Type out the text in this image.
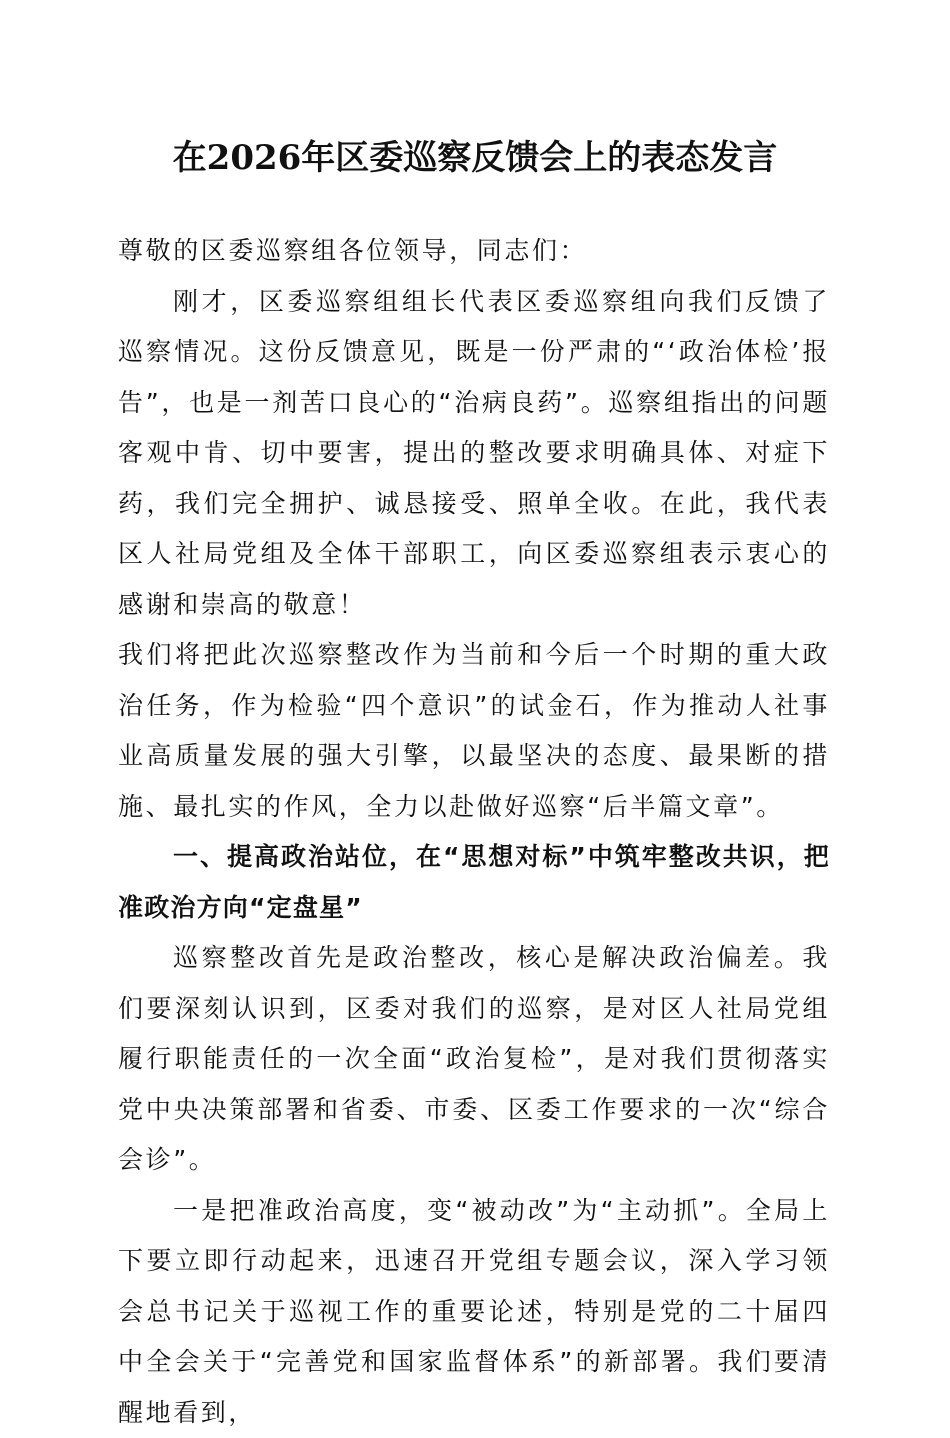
在2026年区委巡察反馈会上的表态发言

尊敬的区委巡察组各位领导，同志们：

刚才，区委巡察组组长代表区委巡察组向我们反馈了巡察情况。这份反馈意见，既是一份严肃的“‘政治体检’报告”，也是一剂苦口良心的“治病良药”。巡察组指出的问题客观中肯、切中要害，提出的整改要求明确具体、对症下药，我们完全拥护、诚恳接受、照单全收。在此，我代表区人社局党组及全体干部职工，向区委巡察组表示衷心的感谢和崇高的敬意！

我们将把此次巡察整改作为当前和今后一个时期的重大政治任务，作为检验“四个意识”的试金石，作为推动人社事业高质量发展的强大引擎，以最坚决的态度、最果断的措施、最扎实的作风，全力以赴做好巡察“后半篇文章”。

一、提高政治站位，在“思想对标”中筑牢整改共识，把准政治方向“定盘星”

巡察整改首先是政治整改，核心是解决政治偏差。我们要深刻认识到，区委对我们的巡察，是对区人社局党组履行职能责任的一次全面“政治复检”，是对我们贯彻落实党中央决策部署和省委、市委、区委工作要求的一次“综合会诊”。

一是把准政治高度，变“被动改”为“主动抓”。全局上下要立即行动起来，迅速召开党组专题会议，深入学习领会总书记关于巡视工作的重要论述，特别是党的二十届四中全会关于“完善党和国家监督体系”的新部署。我们要清醒地看到，
